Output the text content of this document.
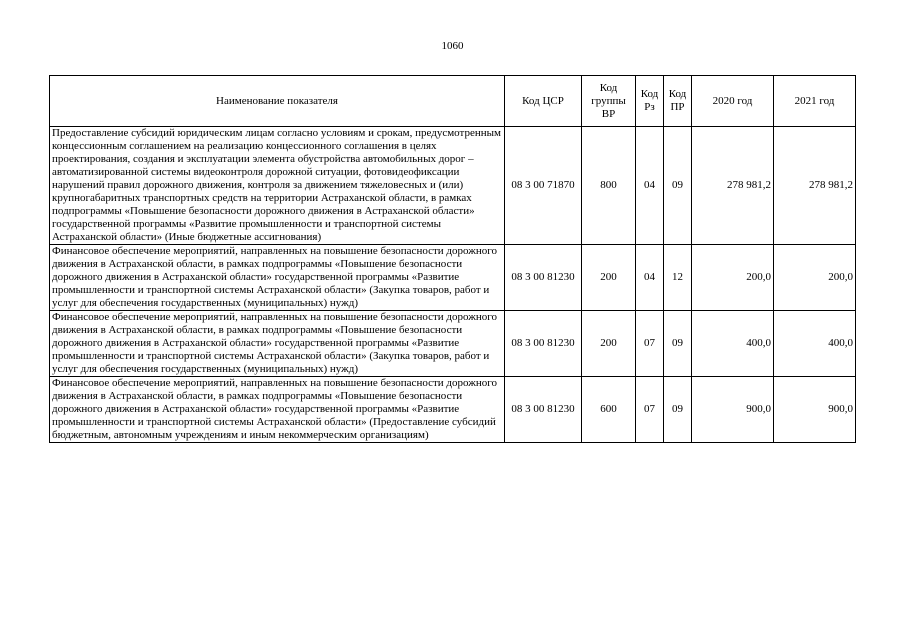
1060
Наименование показателя	Код ЦСР	Код группы ВР	Код Рз	Код ПР	2020 год	2021 год
Предоставление субсидий юридическим лицам согласно условиям и срокам, предусмотренным концессионным соглашением на реализацию концессионного соглашения в целях проектирования, создания и эксплуатации элемента обустройства автомобильных дорог – автоматизированной системы видеоконтроля дорожной ситуации, фотовидеофиксации нарушений правил дорожного движения, контроля за движением тяжеловесных и (или) крупногабаритных транспортных средств на территории Астраханской области, в рамках подпрограммы «Повышение безопасности дорожного движения в Астраханской области» государственной программы «Развитие промышленности и транспортной системы Астраханской области» (Иные бюджетные ассигнования)	08 3 00 71870	800	04	09	278 981,2	278 981,2
Финансовое обеспечение мероприятий, направленных на повышение безопасности дорожного движения в Астраханской области, в рамках подпрограммы «Повышение безопасности дорожного движения в Астраханской области» государственной программы «Развитие промышленности и транспортной системы Астраханской области» (Закупка товаров, работ и услуг для обеспечения государственных (муниципальных) нужд)	08 3 00 81230	200	04	12	200,0	200,0
Финансовое обеспечение мероприятий, направленных на повышение безопасности дорожного движения в Астраханской области, в рамках подпрограммы «Повышение безопасности дорожного движения в Астраханской области» государственной программы «Развитие промышленности и транспортной системы Астраханской области» (Закупка товаров, работ и услуг для обеспечения государственных (муниципальных) нужд)	08 3 00 81230	200	07	09	400,0	400,0
Финансовое обеспечение мероприятий, направленных на повышение безопасности дорожного движения в Астраханской области, в рамках подпрограммы «Повышение безопасности дорожного движения в Астраханской области» государственной программы «Развитие промышленности и транспортной системы Астраханской области» (Предоставление субсидий бюджетным, автономным учреждениям и иным некоммерческим организациям)	08 3 00 81230	600	07	09	900,0	900,0
